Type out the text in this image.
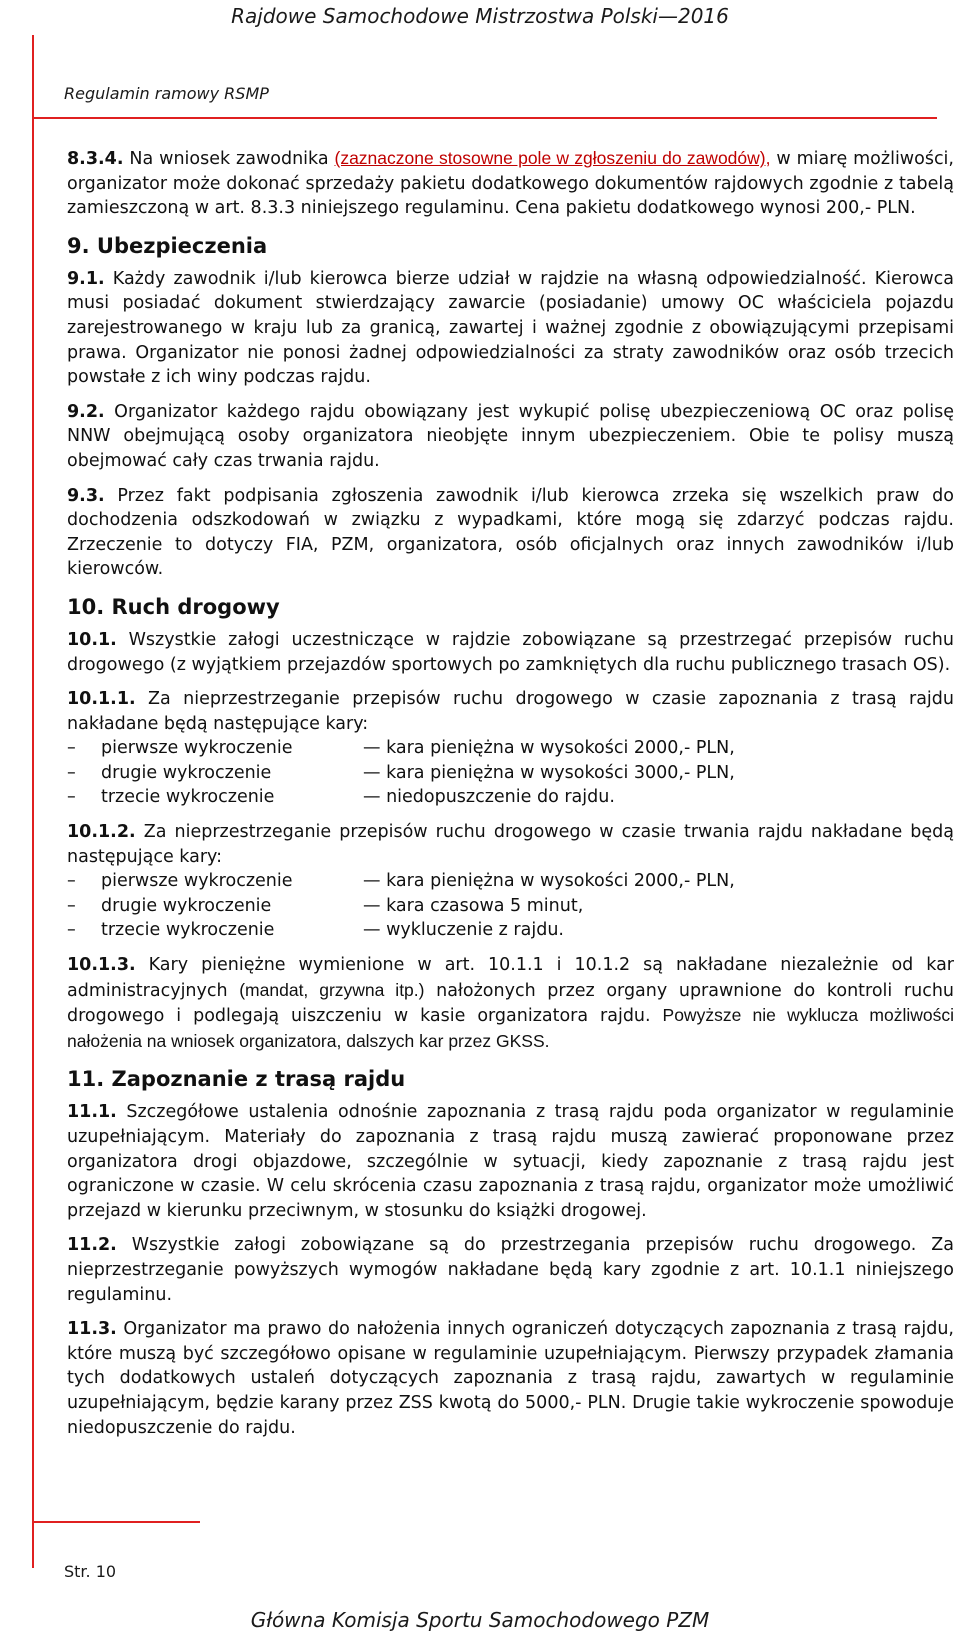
Rajdowe Samochodowe Mistrzostwa Polski—2016
Regulamin ramowy RSMP

8.3.4. Na wniosek zawodnika (zaznaczone stosowne pole w zgłoszeniu do zawodów), w miarę możliwości, organizator może dokonać sprzedaży pakietu dodatkowego dokumentów rajdowych zgodnie z tabelą zamieszczoną w art. 8.3.3 niniejszego regulaminu. Cena pakietu dodatkowego wynosi 200,- PLN.

9. Ubezpieczenia

9.1. Każdy zawodnik i/lub kierowca bierze udział w rajdzie na własną odpowiedzialność. Kierowca musi posiadać dokument stwierdzający zawarcie (posiadanie) umowy OC właściciela pojazdu zarejestrowanego w kraju lub za granicą, zawartej i ważnej zgodnie z obowiązującymi przepisami prawa. Organizator nie ponosi żadnej odpowiedzialności za straty zawodników oraz osób trzecich powstałe z ich winy podczas rajdu.

9.2. Organizator każdego rajdu obowiązany jest wykupić polisę ubezpieczeniową OC oraz polisę NNW obejmującą osoby organizatora nieobjęte innym ubezpieczeniem. Obie te polisy muszą obejmować cały czas trwania rajdu.

9.3. Przez fakt podpisania zgłoszenia zawodnik i/lub kierowca zrzeka się wszelkich praw do dochodzenia odszkodowań w związku z wypadkami, które mogą się zdarzyć podczas rajdu. Zrzeczenie to dotyczy FIA, PZM, organizatora, osób oficjalnych oraz innych zawodników i/lub kierowców.

10. Ruch drogowy

10.1. Wszystkie załogi uczestniczące w rajdzie zobowiązane są przestrzegać przepisów ruchu drogowego (z wyjątkiem przejazdów sportowych po zamkniętych dla ruchu publicznego trasach OS).

10.1.1. Za nieprzestrzeganie przepisów ruchu drogowego w czasie zapoznania z trasą rajdu nakładane będą następujące kary:

– pierwsze wykroczenie	— kara pieniężna w wysokości 2000,- PLN,
– drugie wykroczenie	— kara pieniężna w wysokości 3000,- PLN,
– trzecie wykroczenie	— niedopuszczenie do rajdu.

10.1.2. Za nieprzestrzeganie przepisów ruchu drogowego w czasie trwania rajdu nakładane będą następujące kary:

– pierwsze wykroczenie	— kara pieniężna w wysokości 2000,- PLN,
– drugie wykroczenie	— kara czasowa 5 minut,
– trzecie wykroczenie	— wykluczenie z rajdu.

10.1.3. Kary pieniężne wymienione w art. 10.1.1 i 10.1.2 są nakładane niezależnie od kar administracyjnych (mandat, grzywna itp.) nałożonych przez organy uprawnione do kontroli ruchu drogowego i podlegają uiszczeniu w kasie organizatora rajdu. Powyższe nie wyklucza możliwości nałożenia na wniosek organizatora, dalszych kar przez GKSS.

11. Zapoznanie z trasą rajdu

11.1. Szczegółowe ustalenia odnośnie zapoznania z trasą rajdu poda organizator w regulaminie uzupełniającym. Materiały do zapoznania z trasą rajdu muszą zawierać proponowane przez organizatora drogi objazdowe, szczególnie w sytuacji, kiedy zapoznanie z trasą rajdu jest ograniczone w czasie. W celu skrócenia czasu zapoznania z trasą rajdu, organizator może umożliwić przejazd w kierunku przeciwnym, w stosunku do książki drogowej.

11.2. Wszystkie załogi zobowiązane są do przestrzegania przepisów ruchu drogowego. Za nieprzestrzeganie powyższych wymogów nakładane będą kary zgodnie z art. 10.1.1 niniejszego regulaminu.

11.3. Organizator ma prawo do nałożenia innych ograniczeń dotyczących zapoznania z trasą rajdu, które muszą być szczegółowo opisane w regulaminie uzupełniającym. Pierwszy przypadek złamania tych dodatkowych ustaleń dotyczących zapoznania z trasą rajdu, zawartych w regulaminie uzupełniającym, będzie karany przez ZSS kwotą do 5000,- PLN. Drugie takie wykroczenie spowoduje niedopuszczenie do rajdu.

Str. 10
Główna Komisja Sportu Samochodowego PZM
